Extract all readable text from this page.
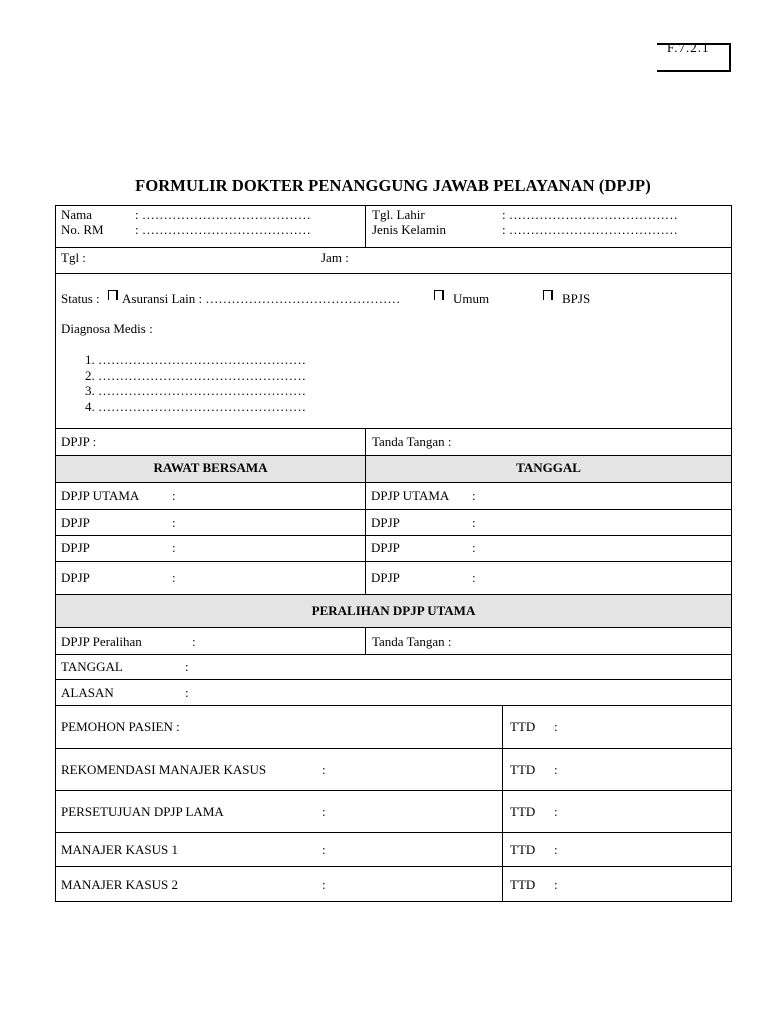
F.7.2.1
FORMULIR DOKTER PENANGGUNG JAWAB PELAYANAN (DPJP)
Nama	: …………………………………
No. RM : …………………………………
Tgl. Lahir	: …………………………………
Jenis Kelamin	: …………………………………
Tgl :	Jam :
Status : Asuransi Lain : ………………………………………	Umum	BPJS
Diagnosa Medis :
1. …………………………………………
2. …………………………………………
3. …………………………………………
4. …………………………………………
DPJP :	Tanda Tangan :
RAWAT BERSAMA	TANGGAL
DPJP UTAMA	:	DPJP UTAMA :
DPJP	:	DPJP	:
DPJP	:	DPJP	:
DPJP	:	DPJP	:
PERALIHAN DPJP UTAMA
DPJP Peralihan	:	Tanda Tangan :
TANGGAL	:
ALASAN	:
PEMOHON PASIEN :	TTD :
REKOMENDASI MANAJER KASUS	:	TTD :
PERSETUJUAN DPJP LAMA	:	TTD :
MANAJER KASUS 1	:	TTD :
MANAJER KASUS 2	:	TTD :
